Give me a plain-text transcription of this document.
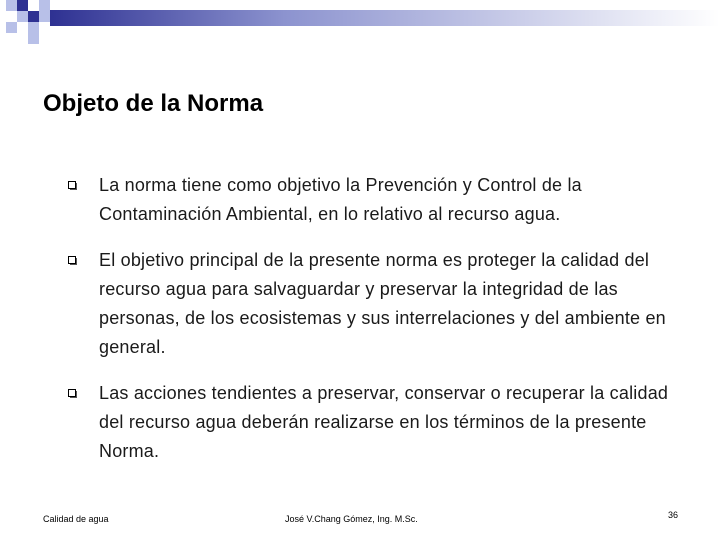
Objeto de la Norma
La norma tiene como objetivo la Prevención y Control de la Contaminación Ambiental, en lo relativo al recurso agua.
El objetivo principal de la presente norma es proteger la calidad del recurso agua para salvaguardar y preservar la integridad de las personas, de los ecosistemas y sus interrelaciones y del ambiente en general.
Las acciones tendientes a preservar, conservar o recuperar la calidad del recurso agua deberán realizarse en los términos de la presente Norma.
Calidad de agua	José V.Chang Gómez, Ing. M.Sc.	36
